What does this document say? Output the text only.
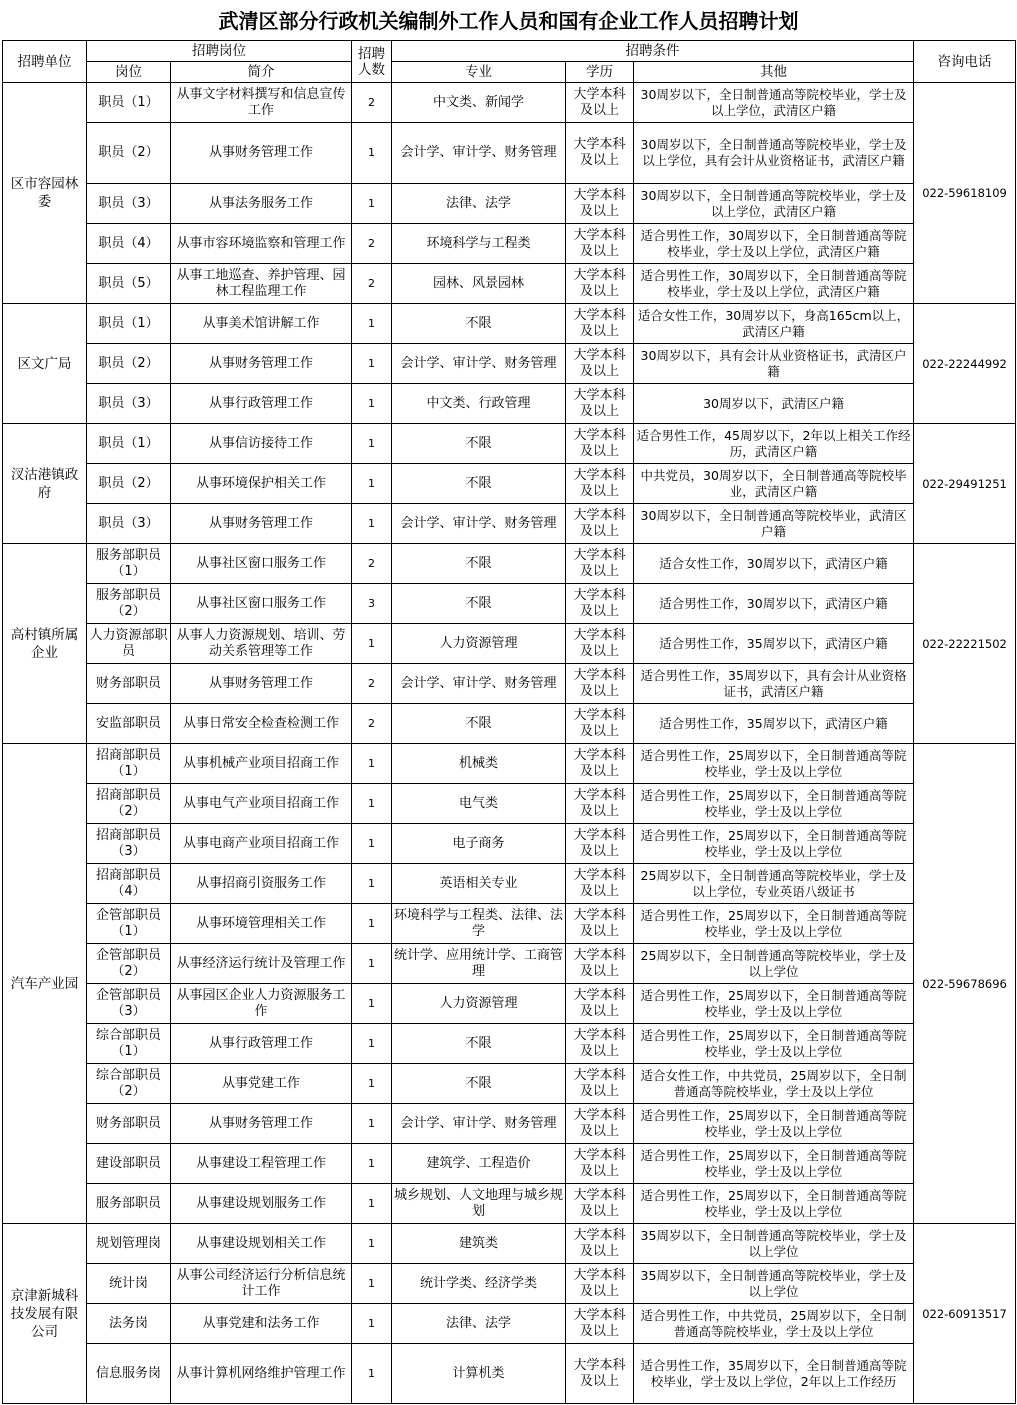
武清区部分行政机关编制外工作人员和国有企业工作人员招聘计划
招聘单位	招聘岗位		招聘人数	招聘条件			咨询电话
	岗位	简介		专业	学历	其他	
区市容园林委	职员（1）	从事文字材料撰写和信息宣传工作	2	中文类、新闻学	大学本科及以上	30周岁以下，全日制普通高等院校毕业，学士及以上学位，武清区户籍	022-59618109
	职员（2）	从事财务管理工作	1	会计学、审计学、财务管理	大学本科及以上	30周岁以下，全日制普通高等院校毕业，学士及以上学位，具有会计从业资格证书，武清区户籍	
	职员（3）	从事法务服务工作	1	法律、法学	大学本科及以上	30周岁以下，全日制普通高等院校毕业，学士及以上学位，武清区户籍	
	职员（4）	从事市容环境监察和管理工作	2	环境科学与工程类	大学本科及以上	适合男性工作，30周岁以下，全日制普通高等院校毕业，学士及以上学位，武清区户籍	
	职员（5）	从事工地巡查、养护管理、园林工程监理工作	2	园林、风景园林	大学本科及以上	适合男性工作，30周岁以下，全日制普通高等院校毕业，学士及以上学位，武清区户籍	
区文广局	职员（1）	从事美术馆讲解工作	1	不限	大学本科及以上	适合女性工作，30周岁以下，身高165cm以上，武清区户籍	022-22244992
	职员（2）	从事财务管理工作	1	会计学、审计学、财务管理	大学本科及以上	30周岁以下，具有会计从业资格证书，武清区户籍	
	职员（3）	从事行政管理工作	1	中文类、行政管理	大学本科及以上	30周岁以下，武清区户籍	
汊沽港镇政府	职员（1）	从事信访接待工作	1	不限	大学本科及以上	适合男性工作，45周岁以下，2年以上相关工作经历，武清区户籍	022-29491251
	职员（2）	从事环境保护相关工作	1	不限	大学本科及以上	中共党员，30周岁以下，全日制普通高等院校毕业，武清区户籍	
	职员（3）	从事财务管理工作	1	会计学、审计学、财务管理	大学本科及以上	30周岁以下，全日制普通高等院校毕业，武清区户籍	
高村镇所属企业	服务部职员（1）	从事社区窗口服务工作	2	不限	大学本科及以上	适合女性工作，30周岁以下，武清区户籍	022-22221502
	服务部职员（2）	从事社区窗口服务工作	3	不限	大学本科及以上	适合男性工作，30周岁以下，武清区户籍	
	人力资源部职员	从事人力资源规划、培训、劳动关系管理等工作	1	人力资源管理	大学本科及以上	适合男性工作，35周岁以下，武清区户籍	
	财务部职员	从事财务管理工作	2	会计学、审计学、财务管理	大学本科及以上	适合男性工作，35周岁以下，具有会计从业资格证书，武清区户籍	
	安监部职员	从事日常安全检查检测工作	2	不限	大学本科及以上	适合男性工作，35周岁以下，武清区户籍	
汽车产业园	招商部职员（1）	从事机械产业项目招商工作	1	机械类	大学本科及以上	适合男性工作，25周岁以下，全日制普通高等院校毕业，学士及以上学位	022-59678696
	招商部职员（2）	从事电气产业项目招商工作	1	电气类	大学本科及以上	适合男性工作，25周岁以下，全日制普通高等院校毕业，学士及以上学位	
	招商部职员（3）	从事电商产业项目招商工作	1	电子商务	大学本科及以上	适合男性工作，25周岁以下，全日制普通高等院校毕业，学士及以上学位	
	招商部职员（4）	从事招商引资服务工作	1	英语相关专业	大学本科及以上	25周岁以下，全日制普通高等院校毕业，学士及以上学位，专业英语八级证书	
	企管部职员（1）	从事环境管理相关工作	1	环境科学与工程类、法律、法学	大学本科及以上	适合男性工作，25周岁以下，全日制普通高等院校毕业，学士及以上学位	
	企管部职员（2）	从事经济运行统计及管理工作	1	统计学、应用统计学、工商管理	大学本科及以上	25周岁以下，全日制普通高等院校毕业，学士及以上学位	
	企管部职员（3）	从事园区企业人力资源服务工作	1	人力资源管理	大学本科及以上	适合男性工作，25周岁以下，全日制普通高等院校毕业，学士及以上学位	
	综合部职员（1）	从事行政管理工作	1	不限	大学本科及以上	适合男性工作，25周岁以下，全日制普通高等院校毕业，学士及以上学位	
	综合部职员（2）	从事党建工作	1	不限	大学本科及以上	适合女性工作，中共党员，25周岁以下，全日制普通高等院校毕业，学士及以上学位	
	财务部职员	从事财务管理工作	1	会计学、审计学、财务管理	大学本科及以上	适合男性工作，25周岁以下，全日制普通高等院校毕业，学士及以上学位	
	建设部职员	从事建设工程管理工作	1	建筑学、工程造价	大学本科及以上	适合男性工作，25周岁以下，全日制普通高等院校毕业，学士及以上学位	
	服务部职员	从事建设规划服务工作	1	城乡规划、人文地理与城乡规划	大学本科及以上	适合男性工作，25周岁以下，全日制普通高等院校毕业，学士及以上学位	
京津新城科技发展有限公司	规划管理岗	从事建设规划相关工作	1	建筑类	大学本科及以上	35周岁以下，全日制普通高等院校毕业，学士及以上学位	022-60913517
	统计岗	从事公司经济运行分析信息统计工作	1	统计学类、经济学类	大学本科及以上	35周岁以下，全日制普通高等院校毕业，学士及以上学位	
	法务岗	从事党建和法务工作	1	法律、法学	大学本科及以上	适合男性工作，中共党员，25周岁以下，全日制普通高等院校毕业，学士及以上学位	
	信息服务岗	从事计算机网络维护管理工作	1	计算机类	大学本科及以上	适合男性工作，35周岁以下，全日制普通高等院校毕业，学士及以上学位，2年以上工作经历	
